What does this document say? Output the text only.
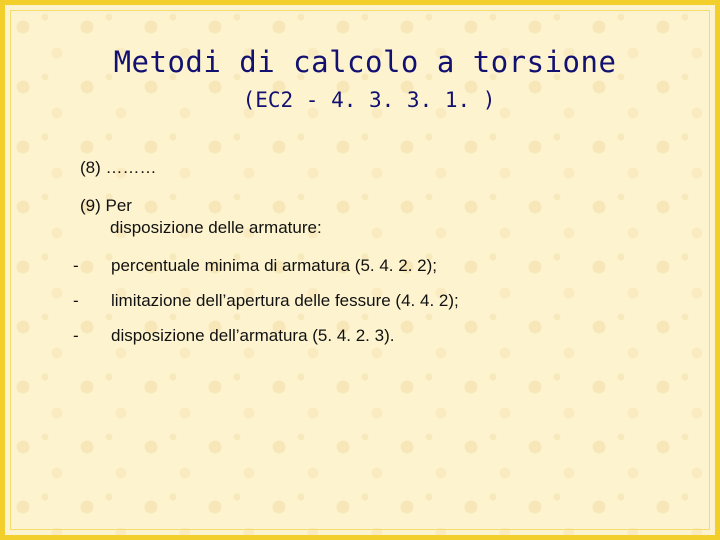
Metodi di calcolo a torsione
(EC2 - 4. 3. 3. 1. )
(8) ………
(9) Per
disposizione delle armature:
- percentuale minima di armatura (5. 4. 2. 2);
- limitazione dell’apertura delle fessure (4. 4. 2);
- disposizione dell’armatura (5. 4. 2. 3).
